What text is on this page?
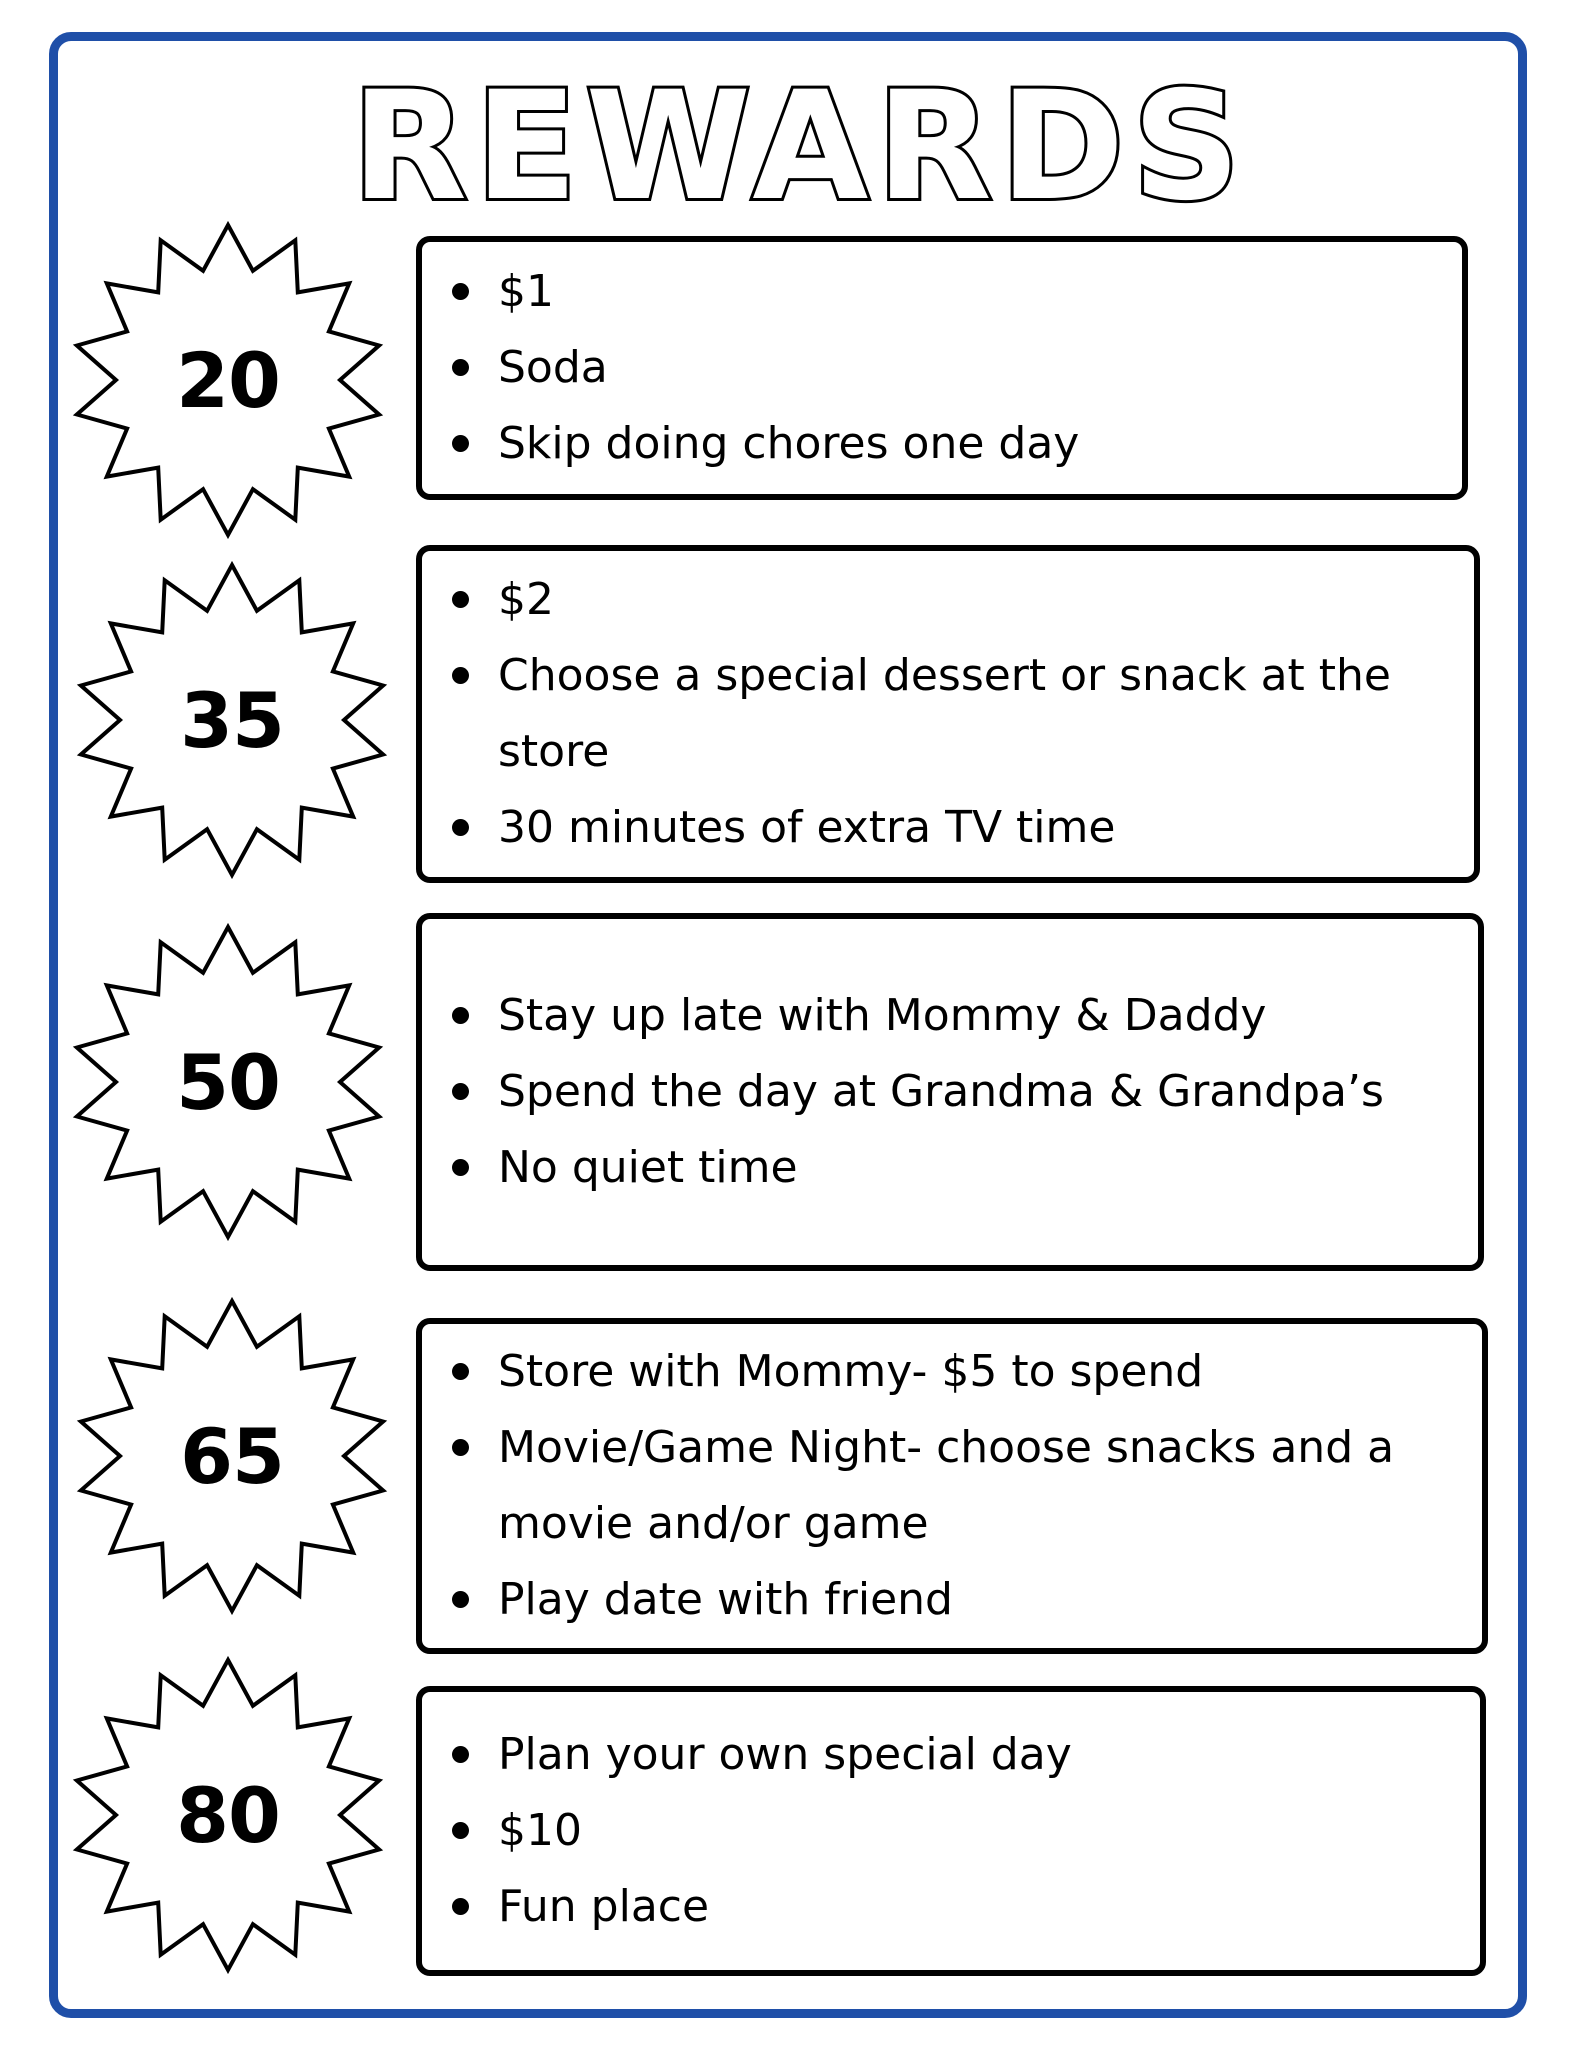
REWARDS
20
$1
Soda
Skip doing chores one day
35
$2
Choose a special dessert or snack at the store
30 minutes of extra TV time
50
Stay up late with Mommy & Daddy
Spend the day at Grandma & Grandpa’s
No quiet time
65
Store with Mommy- $5 to spend
Movie/Game Night- choose snacks and a movie and/or game
Play date with friend
80
Plan your own special day
$10
Fun place
